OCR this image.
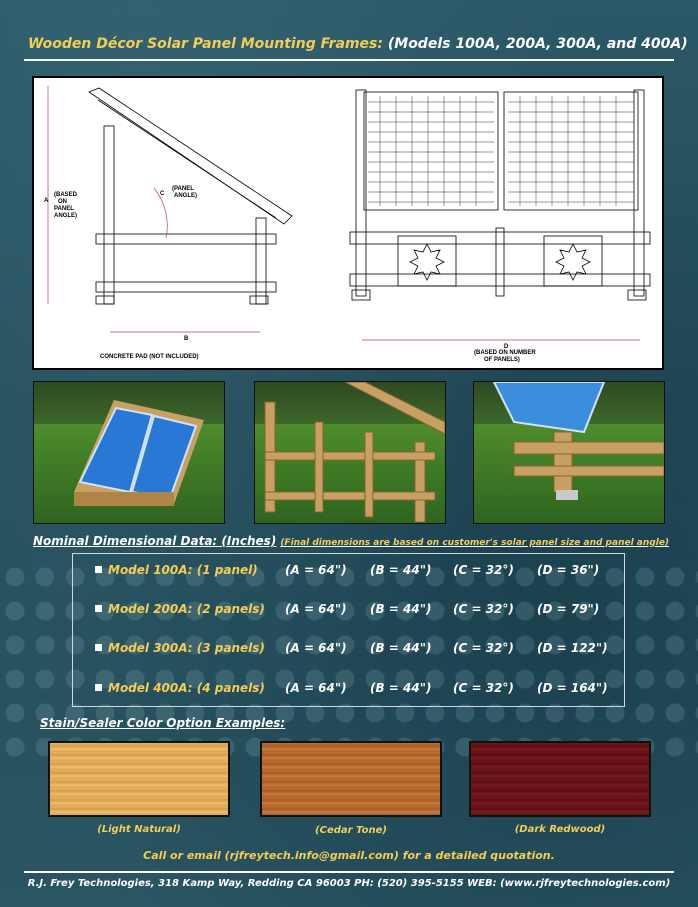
Wooden Décor Solar Panel Mounting Frames: (Models 100A, 200A, 300A, and 400A)
A
(BASED
ON
PANEL
ANGLE)
C
(PANEL
ANGLE)
B
CONCRETE PAD (NOT INCLUDED)
D
(BASED ON NUMBER
OF PANELS)
Nominal Dimensional Data: (Inches) (Final dimensions are based on customer's solar panel size and panel angle)
Model 100A: (1 panel) (A = 64") (B = 44") (C = 32°) (D = 36")
Model 200A: (2 panels) (A = 64") (B = 44") (C = 32°) (D = 79")
Model 300A: (3 panels) (A = 64") (B = 44") (C = 32°) (D = 122")
Model 400A: (4 panels) (A = 64") (B = 44") (C = 32°) (D = 164")
Stain/Sealer Color Option Examples:
(Light Natural)	(Cedar Tone)	(Dark Redwood)
Call or email (rjfreytech.info@gmail.com) for a detailed quotation.
R.J. Frey Technologies, 318 Kamp Way, Redding CA 96003 PH: (520) 395-5155 WEB: (www.rjfreytechnologies.com)
